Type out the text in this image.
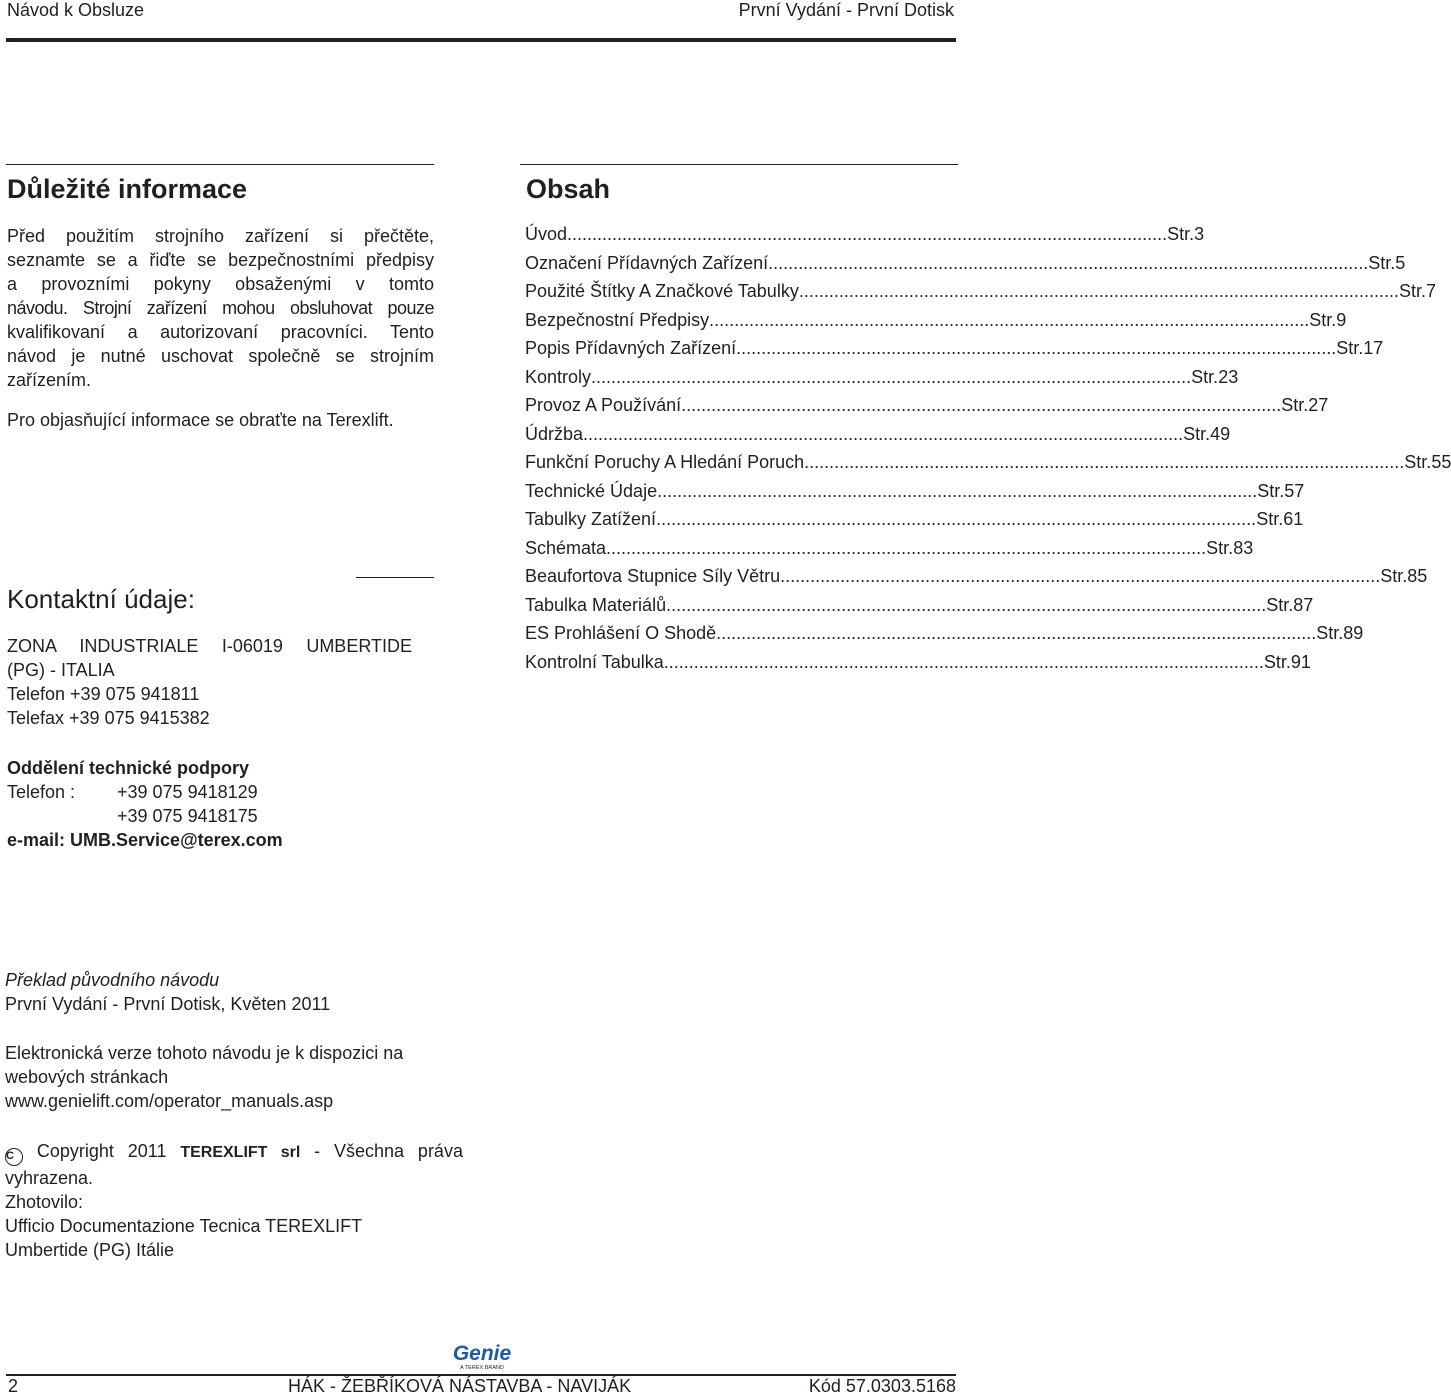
Návod k Obsluze	První Vydání - První Dotisk
Důležité informace
Před použitím strojního zařízení si přečtěte,
seznamte se a řiďte se bezpečnostními předpisy
a provozními pokyny obsaženými v tomto
návodu. Strojní zařízení mohou obsluhovat pouze
kvalifikovaní a autorizovaní pracovníci. Tento
návod je nutné uschovat společně se strojním
zařízením.
Pro objasňující informace se obraťte na Terexlift.
Kontaktní údaje:
ZONA INDUSTRIALE I-06019 UMBERTIDE
(PG) - ITALIA
Telefon +39 075 941811
Telefax +39 075 9415382
Oddělení technické podpory
Telefon :	+39 075 9418129
+39 075 9418175
e-mail: UMB.Service@terex.com
Obsah
Úvod ........................................................................................................................ Str. 3
Označení Přídavných Zařízení ........................................................................................................................ Str. 5
Použité Štítky A Značkové Tabulky ........................................................................................................................ Str. 7
Bezpečnostní Předpisy ........................................................................................................................ Str. 9
Popis Přídavných Zařízení ........................................................................................................................ Str. 17
Kontroly ........................................................................................................................ Str. 23
Provoz A Používání ........................................................................................................................ Str. 27
Údržba ........................................................................................................................ Str. 49
Funkční Poruchy A Hledání Poruch ........................................................................................................................ Str. 55
Technické Údaje ........................................................................................................................ Str. 57
Tabulky Zatížení ........................................................................................................................ Str. 61
Schémata ........................................................................................................................ Str. 83
Beaufortova Stupnice Síly Větru ........................................................................................................................ Str. 85
Tabulka Materiálů ........................................................................................................................ Str. 87
ES Prohlášení O Shodě ........................................................................................................................ Str. 89
Kontrolní Tabulka ........................................................................................................................ Str. 91
Překlad původního návodu
První Vydání - První Dotisk, Květen 2011
Elektronická verze tohoto návodu je k dispozici na
webových stránkach
www.genielift.com/operator_manuals.asp
C Copyright 2011 TEREXLIFT srl - Všechna práva
vyhrazena.
Zhotovilo:
Ufficio Documentazione Tecnica TEREXLIFT
Umbertide (PG) Itálie
Genie
A TEREX BRAND
2	HÁK - ŽEBŘÍKOVÁ NÁSTAVBA - NAVIJÁK	Kód 57.0303.5168
